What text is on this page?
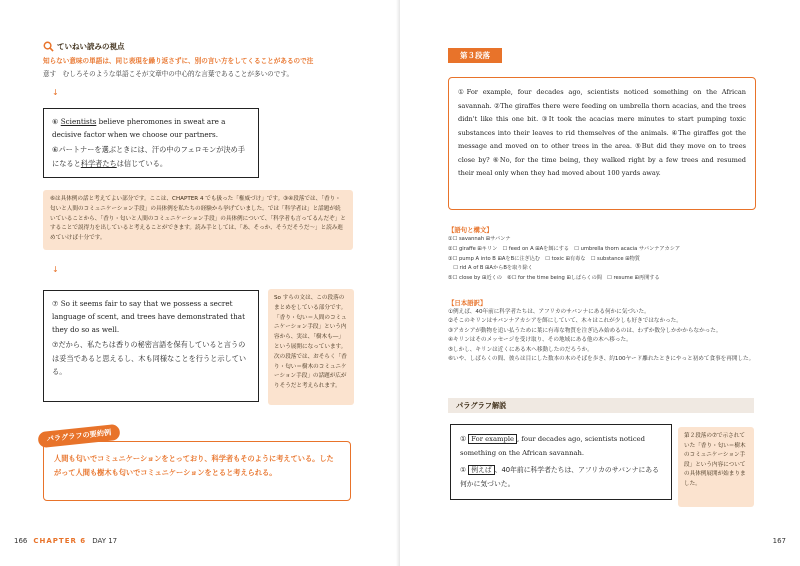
ていねい読みの視点
知らない意味の単語は、同じ表現を繰り返さずに、別の言い方をしてくることがあるので注
意す　むしろそのような単語こそが文章中の中心的な言葉であることが多いのです。
↓
⑥ Scientists believe pheromones in sweat are a decisive factor when we choose our partners.
⑥パートナーを選ぶときには、汗の中のフェロモンが決め手になると科学者たちは信じている。
⑥は具体例の話と考えてよい部分です。ここは、CHAPTER 4 でも扱った「権威づけ」です。③④段落では、「香り・匂いと人間のコミュニケーション手段」の具体例を私たちの経験から挙げていました。では「科学者は」と話題が続いていることから、「香り・匂いと人間のコミュニケーション手段」の具体例について、「科学者も言ってるんだぞ」とすることで説得力を出していると考えることができます。読み手としては、「あ、そっか、そうだそうだ～」と読み進めていけば十分です。
↓
⑦ So it seems fair to say that we possess a secret language of scent, and trees have demonstrated that they do so as well.
⑦だから、私たちは香りの秘密言語を保有していると言うのは妥当であると思えるし、木も同様なことを行うと示している。
So すらの文は、この段落のまとめをしている部分です。「香り・匂い＝人間のコミュニケーション手段」という内容から、実は、「樹木も―」という展開になっています。次の段落では、おそらく「香り・匂い＝樹木のコミュニケーション手段」の話題が広がりそうだと考えられます。
人間も匂いでコミュニケーションをとっており、科学者もそのように考えている。したがって人間も樹木も匂いでコミュニケーションをとると考えられる。
パラグラフの要約例
166 CHAPTER 6 DAY 17
第３段落
①For example, four decades ago, scientists noticed something on the African savannah. ②The giraffes there were feeding on umbrella thorn acacias, and the trees didn't like this one bit. ③It took the acacias mere minutes to start pumping toxic substances into their leaves to rid themselves of the animals. ④The giraffes got the message and moved on to other trees in the area. ⑤But did they move on to trees close by? ⑥No, for the time being, they walked right by a few trees and resumed their meal only when they had moved about 100 yards away.
【語句と構文】
①☐ savannah ⊞サバンナ
②☐ giraffe ⊞キリン　☐ feed on A ⊞Aを餌にする　☐ umbrella thorn acacia サバンナアカシア
③☐ pump A into B ⊞AをBに注ぎ込む　☐ toxic ⊞有毒な　☐ substance ⊞物質
　☐ rid A of B ⊞AからBを取り除く
⑤☐ close by ⊞近くの　⑥☐ for the time being ⊞しばらくの間　☐ resume ⊞再開する
【日本語訳】
①例えば、40年前に科学者たちは、アフリカのサバンナにある何かに気づいた。
②そこのキリンはサバンナアカシアを餌にしていて、木々はこれが少しも好きではなかった。
③アカシアが動物を追い払うために葉に有毒な物質を注ぎ込み始めるのは、わずか数分しかかからなかった。
④キリンはそのメッセージを受け取り、その地域にある他の木へ移った。
⑤しかし、キリンは近くにある木へ移動したのだろうか。
⑥いや、しばらくの間、彼らは目にした数本の木のそばを歩き、約100ヤード離れたときにやっと初めて食事を再開した。
パラグラフ解説
① For example , four decades ago, scientists noticed something on the African savannah.
① 例えば 、40年前に科学者たちは、アフリカのサバンナにある何かに気づいた。
第２段落の⑦で示されていた「香り・匂い＝樹木のコミュニケーション手段」という内容についての具体例展開が始まりました。
167
